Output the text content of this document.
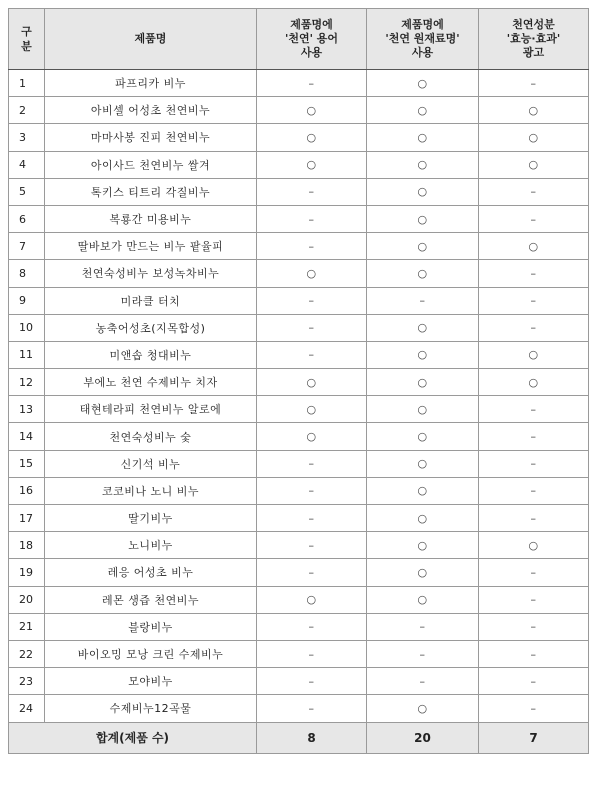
구
분	제품명	제품명에
'천연' 용어
사용	제품명에
'천연 원재료명'
사용	천연성분
'효능·효과'
광고

1	파프리카 비누	–	○	–
2	아비셀 어성초 천연비누	○	○	○
3	마마사봉 진피 천연비누	○	○	○
4	아이사드 천연비누 쌀겨	○	○	○
5	톡키스 티트리 각질비누	–	○	–
6	복룡간 미용비누	–	○	–
7	딸바보가 만드는 비누 팥율피	–	○	○
8	천연숙성비누 보성녹차비누	○	○	–
9	미라클 터치	–	–	–
10	농축어성초(지목합성)	–	○	–
11	미앤솝 청대비누	–	○	○
12	부에노 천연 수제비누 치자	○	○	○
13	태현테라피 천연비누 알로에	○	○	–
14	천연숙성비누 숯	○	○	–
15	신기석 비누	–	○	–
16	코코비나 노니 비누	–	○	–
17	딸기비누	–	○	–
18	노니비누	–	○	○
19	레응 어성초 비누	–	○	–
20	레몬 생즙 천연비누	○	○	–
21	블랑비누	–	–	–
22	바이오밍 모낭 크린 수제비누	–	–	–
23	모야비누	–	–	–
24	수제비누12곡물	–	○	–
합계(제품 수)		8	20	7
